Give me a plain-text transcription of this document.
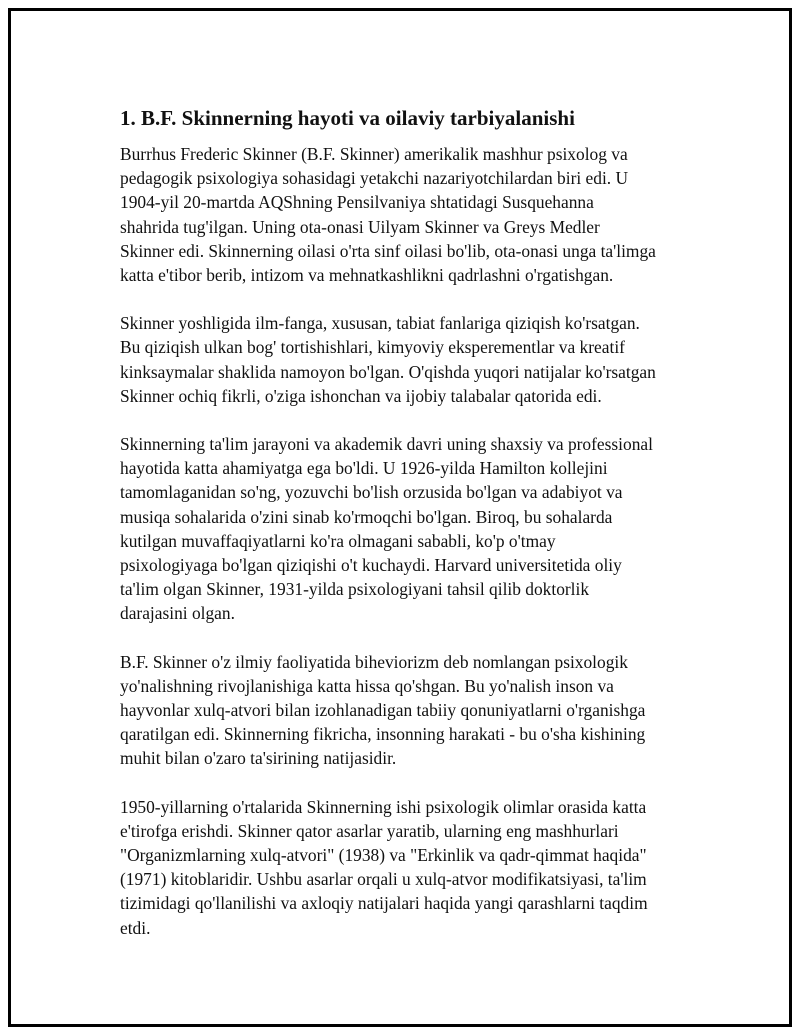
1. B.F. Skinnerning hayoti va oilaviy tarbiyalanishi

Burrhus Frederic Skinner (B.F. Skinner) amerikalik mashhur psixolog va
pedagogik psixologiya sohasidagi yetakchi nazariyotchilardan biri edi. U
1904-yil 20-martda AQShning Pensilvaniya shtatidagi Susquehanna
shahrida tug'ilgan. Uning ota-onasi Uilyam Skinner va Greys Medler
Skinner edi. Skinnerning oilasi o'rta sinf oilasi bo'lib, ota-onasi unga ta'limga
katta e'tibor berib, intizom va mehnatkashlikni qadrlashni o'rgatishgan.

Skinner yoshligida ilm-fanga, xususan, tabiat fanlariga qiziqish ko'rsatgan.
Bu qiziqish ulkan bog' tortishishlari, kimyoviy eksperementlar va kreatif
kinksaymalar shaklida namoyon bo'lgan. O'qishda yuqori natijalar ko'rsatgan
Skinner ochiq fikrli, o'ziga ishonchan va ijobiy talabalar qatorida edi.

Skinnerning ta'lim jarayoni va akademik davri uning shaxsiy va professional
hayotida katta ahamiyatga ega bo'ldi. U 1926-yilda Hamilton kollejini
tamomlaganidan so'ng, yozuvchi bo'lish orzusida bo'lgan va adabiyot va
musiqa sohalarida o'zini sinab ko'rmoqchi bo'lgan. Biroq, bu sohalarda
kutilgan muvaffaqiyatlarni ko'ra olmagani sababli, ko'p o'tmay
psixologiyaga bo'lgan qiziqishi o't kuchaydi. Harvard universitetida oliy
ta'lim olgan Skinner, 1931-yilda psixologiyani tahsil qilib doktorlik
darajasini olgan.

B.F. Skinner o'z ilmiy faoliyatida biheviorizm deb nomlangan psixologik
yo'nalishning rivojlanishiga katta hissa qo'shgan. Bu yo'nalish inson va
hayvonlar xulq-atvori bilan izohlanadigan tabiiy qonuniyatlarni o'rganishga
qaratilgan edi. Skinnerning fikricha, insonning harakati - bu o'sha kishining
muhit bilan o'zaro ta'sirining natijasidir.

1950-yillarning o'rtalarida Skinnerning ishi psixologik olimlar orasida katta
e'tirofga erishdi. Skinner qator asarlar yaratib, ularning eng mashhurlari
"Organizmlarning xulq-atvori" (1938) va "Erkinlik va qadr-qimmat haqida"
(1971) kitoblaridir. Ushbu asarlar orqali u xulq-atvor modifikatsiyasi, ta'lim
tizimidagi qo'llanilishi va axloqiy natijalari haqida yangi qarashlarni taqdim
etdi.
